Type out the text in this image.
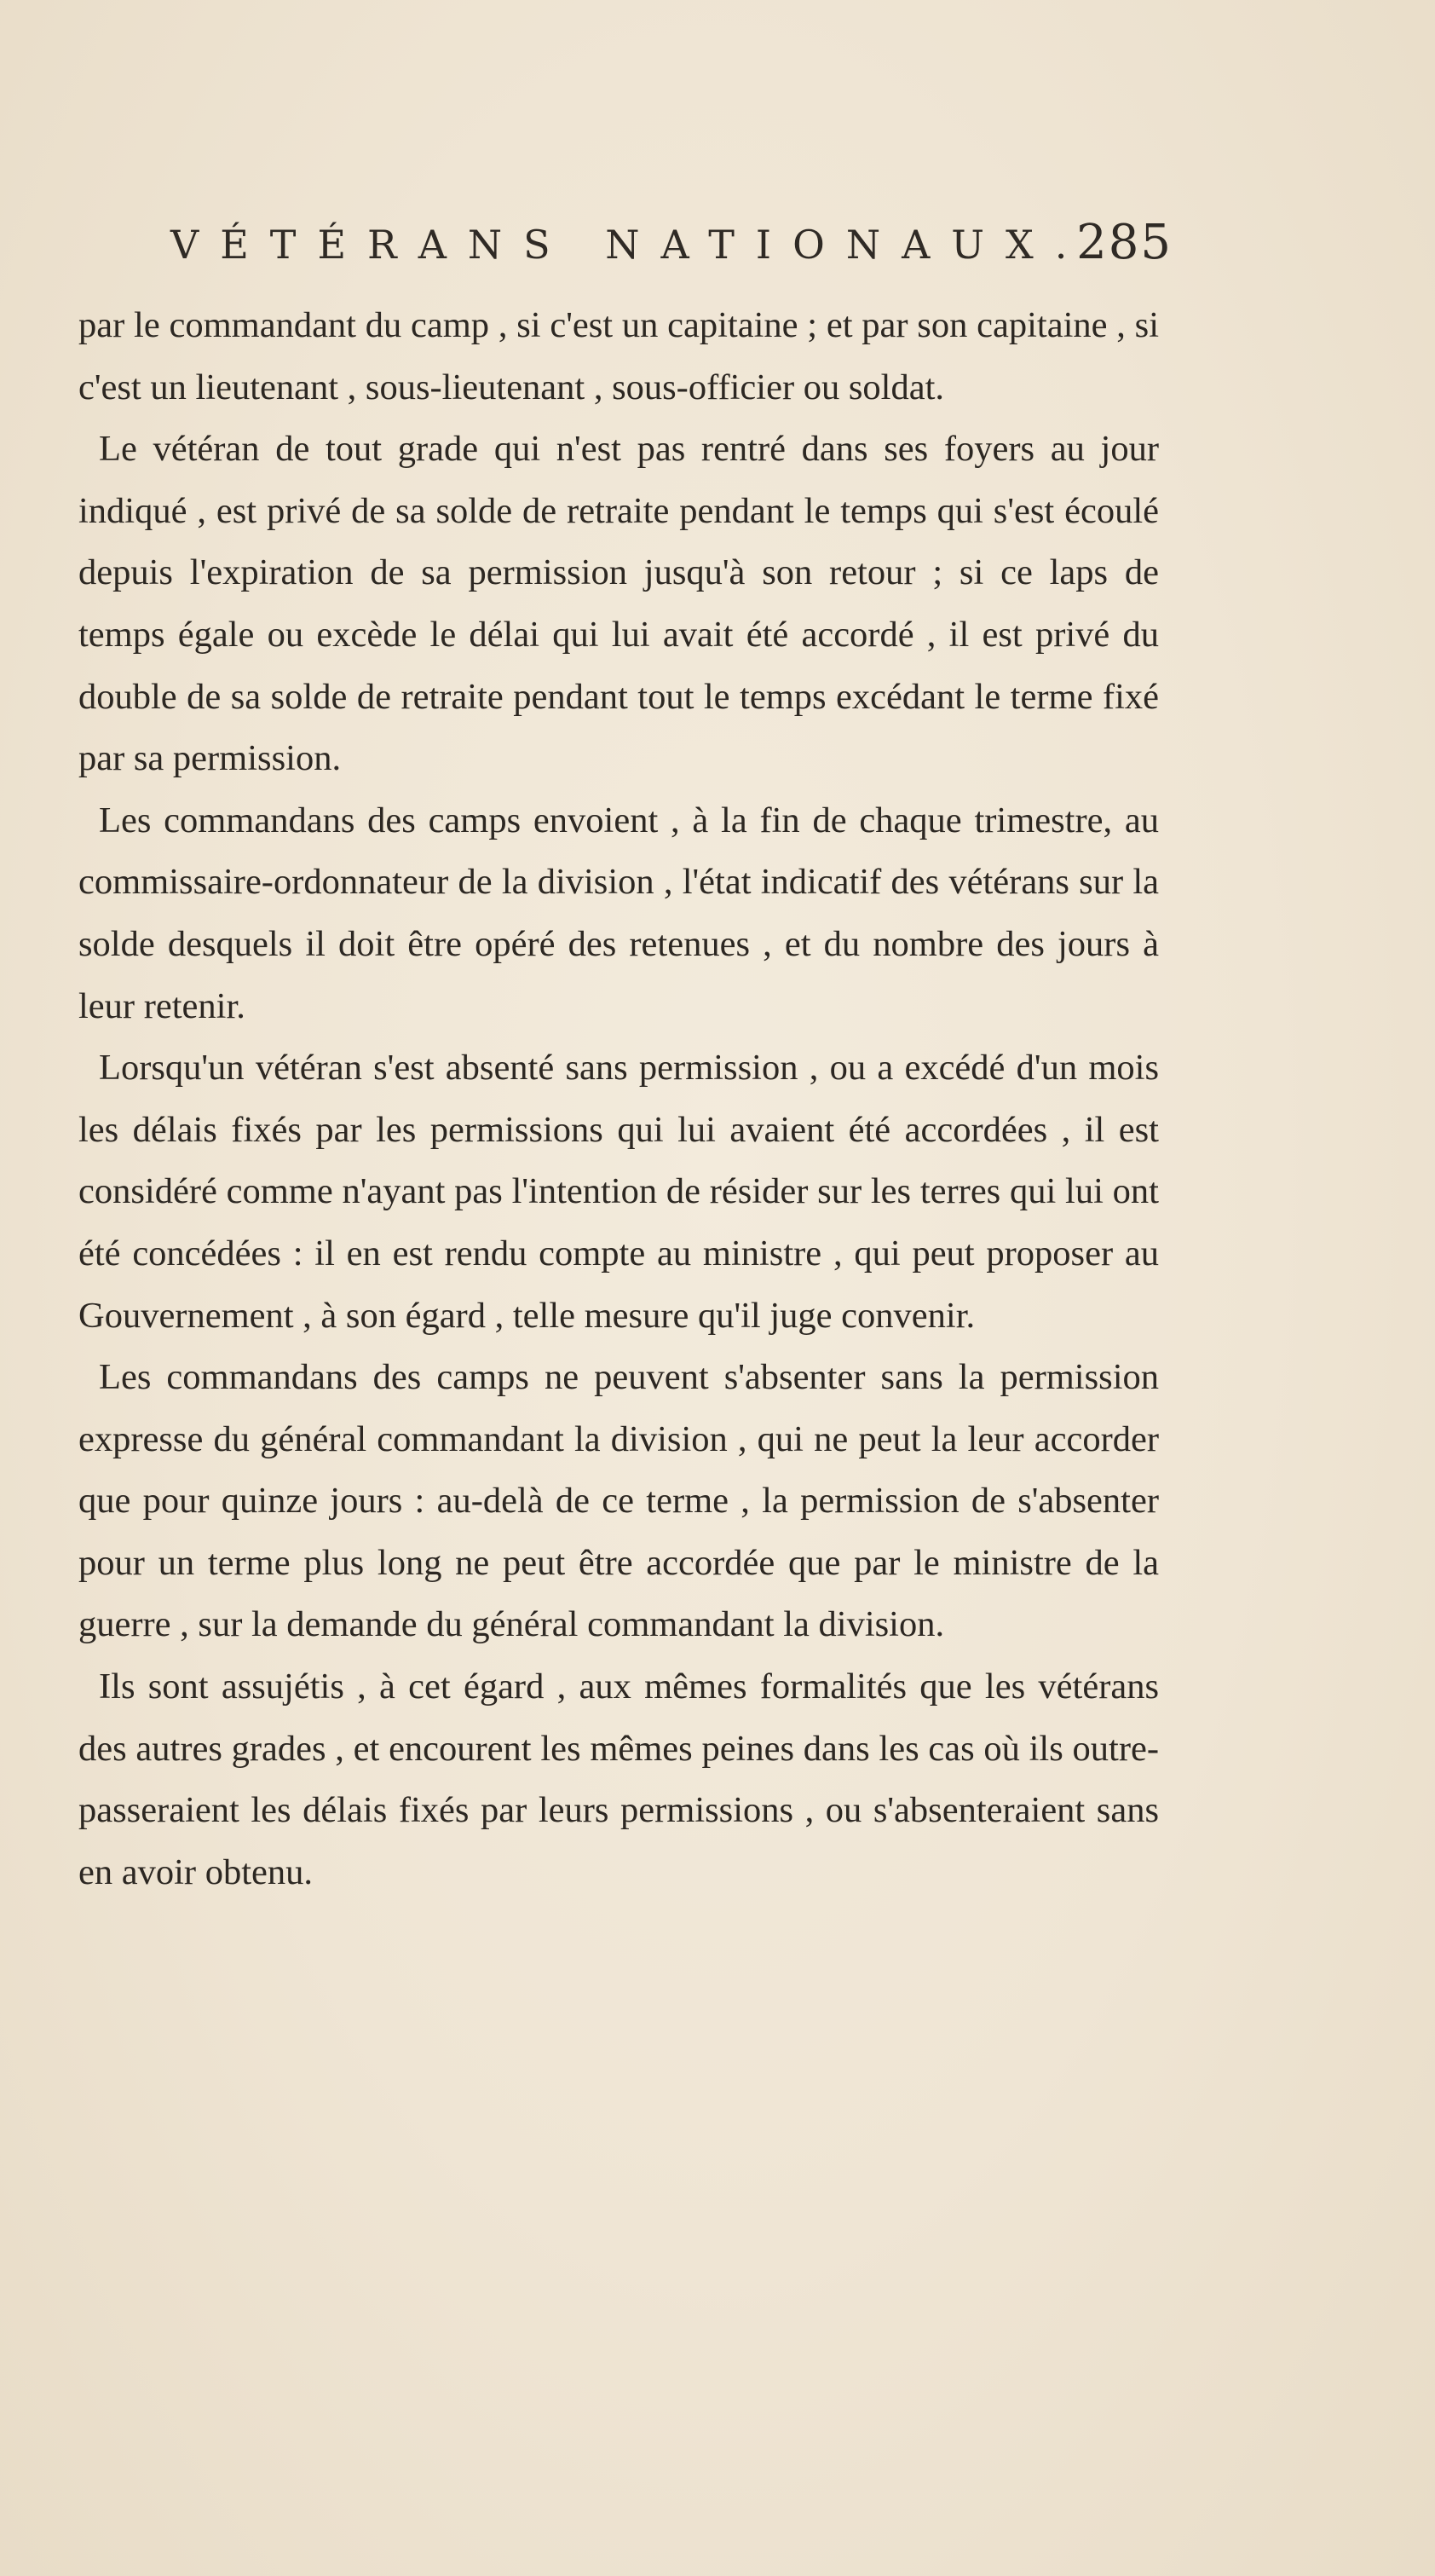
VÉTÉRANS NATIONAUX.
285

par le commandant du camp , si c'est un capitaine ; et par son capitaine , si c'est un lieutenant , sous-lieutenant , sous-officier ou soldat.

Le vétéran de tout grade qui n'est pas rentré dans ses foyers au jour indiqué , est privé de sa solde de retraite pendant le temps qui s'est écoulé depuis l'expiration de sa permission jusqu'à son retour ; si ce laps de temps égale ou excède le délai qui lui avait été accordé , il est privé du double de sa solde de retraite pendant tout le temps excédant le terme fixé par sa permission.

Les commandans des camps envoient , à la fin de chaque trimestre, au commissaire-ordonnateur de la division , l'état indicatif des vétérans sur la solde desquels il doit être opéré des retenues , et du nombre des jours à leur retenir.

Lorsqu'un vétéran s'est absenté sans permission , ou a excédé d'un mois les délais fixés par les permissions qui lui avaient été accordées , il est considéré comme n'ayant pas l'intention de résider sur les terres qui lui ont été concédées : il en est rendu compte au ministre , qui peut proposer au Gouvernement , à son égard , telle mesure qu'il juge convenir.

Les commandans des camps ne peuvent s'absenter sans la permission expresse du général commandant la division , qui ne peut la leur accorder que pour quinze jours : au-delà de ce terme , la permission de s'absenter pour un terme plus long ne peut être accordée que par le ministre de la guerre , sur la demande du général commandant la division.

Ils sont assujétis , à cet égard , aux mêmes formalités que les vétérans des autres grades , et encourent les mêmes peines dans les cas où ils outre-passeraient les délais fixés par leurs permissions , ou s'absenteraient sans en avoir obtenu.
